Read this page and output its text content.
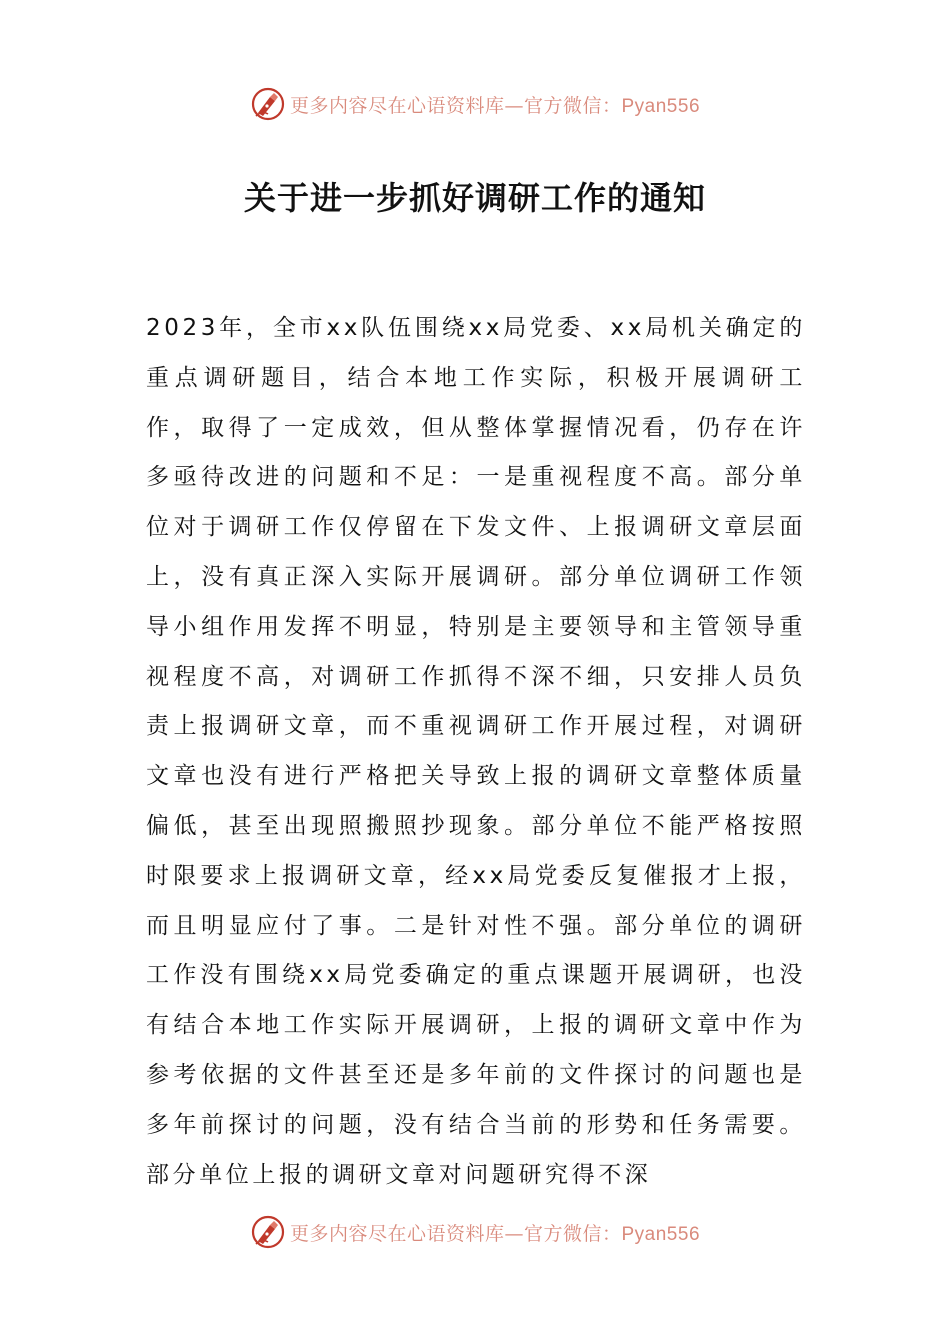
更多内容尽在心语资料库—官方微信：Pyan556
关于进一步抓好调研工作的通知

2023年，全市xx队伍围绕xx局党委、xx局机关确定的重点调研题目，结合本地工作实际，积极开展调研工作，取得了一定成效，但从整体掌握情况看，仍存在许多亟待改进的问题和不足：一是重视程度不高。部分单位对于调研工作仅停留在下发文件、上报调研文章层面上，没有真正深入实际开展调研。部分单位调研工作领导小组作用发挥不明显，特别是主要领导和主管领导重视程度不高，对调研工作抓得不深不细，只安排人员负责上报调研文章，而不重视调研工作开展过程，对调研文章也没有进行严格把关导致上报的调研文章整体质量偏低，甚至出现照搬照抄现象。部分单位不能严格按照时限要求上报调研文章，经xx局党委反复催报才上报，而且明显应付了事。二是针对性不强。部分单位的调研工作没有围绕xx局党委确定的重点课题开展调研，也没有结合本地工作实际开展调研，上报的调研文章中作为参考依据的文件甚至还是多年前的文件探讨的问题也是多年前探讨的问题，没有结合当前的形势和任务需要。部分单位上报的调研文章对问题研究得不深

更多内容尽在心语资料库—官方微信：Pyan556
